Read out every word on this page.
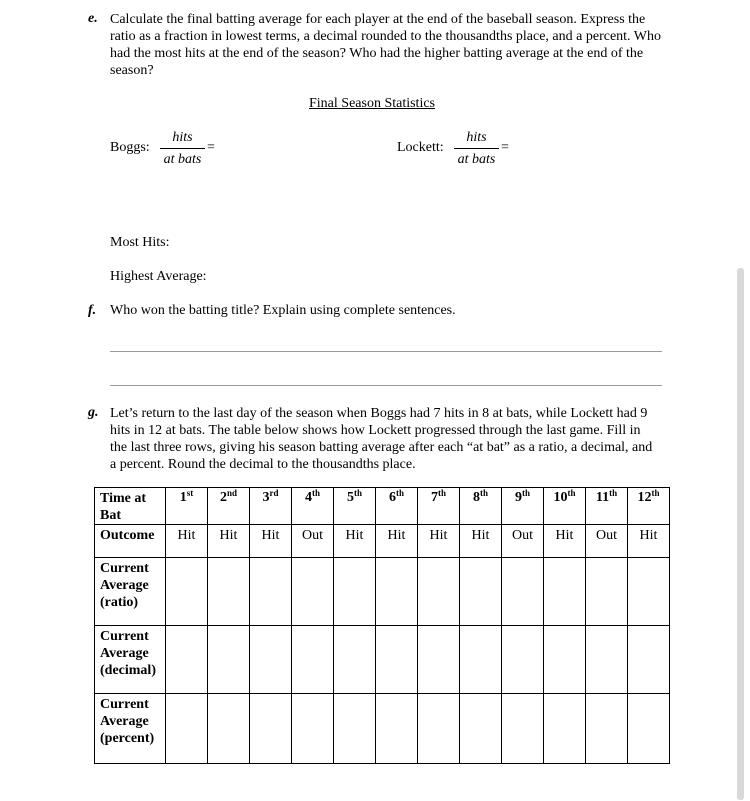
e. Calculate the final batting average for each player at the end of the baseball season. Express the ratio as a fraction in lowest terms, a decimal rounded to the thousandths place, and a percent. Who had the most hits at the end of the season? Who had the higher batting average at the end of the season?
Final Season Statistics
Boggs:
hits
at bats
=	Lockett:
hits
at bats
=
Most Hits:
Highest Average:
f. Who won the batting title? Explain using complete sentences.
g. Let’s return to the last day of the season when Boggs had 7 hits in 8 at bats, while Lockett had 9 hits in 12 at bats. The table below shows how Lockett progressed through the last game. Fill in the last three rows, giving his season batting average after each “at bat” as a ratio, a decimal, and a percent. Round the decimal to the thousandths place.
Time at Bat	1st	2nd	3rd	4th	5th	6th	7th	8th	9th	10th	11th	12th
Outcome	Hit	Hit	Hit	Out	Hit	Hit	Hit	Hit	Out	Hit	Out	Hit

Current
Average
(ratio)												

Current
Average
(decimal)												

Current
Average
(percent)												
